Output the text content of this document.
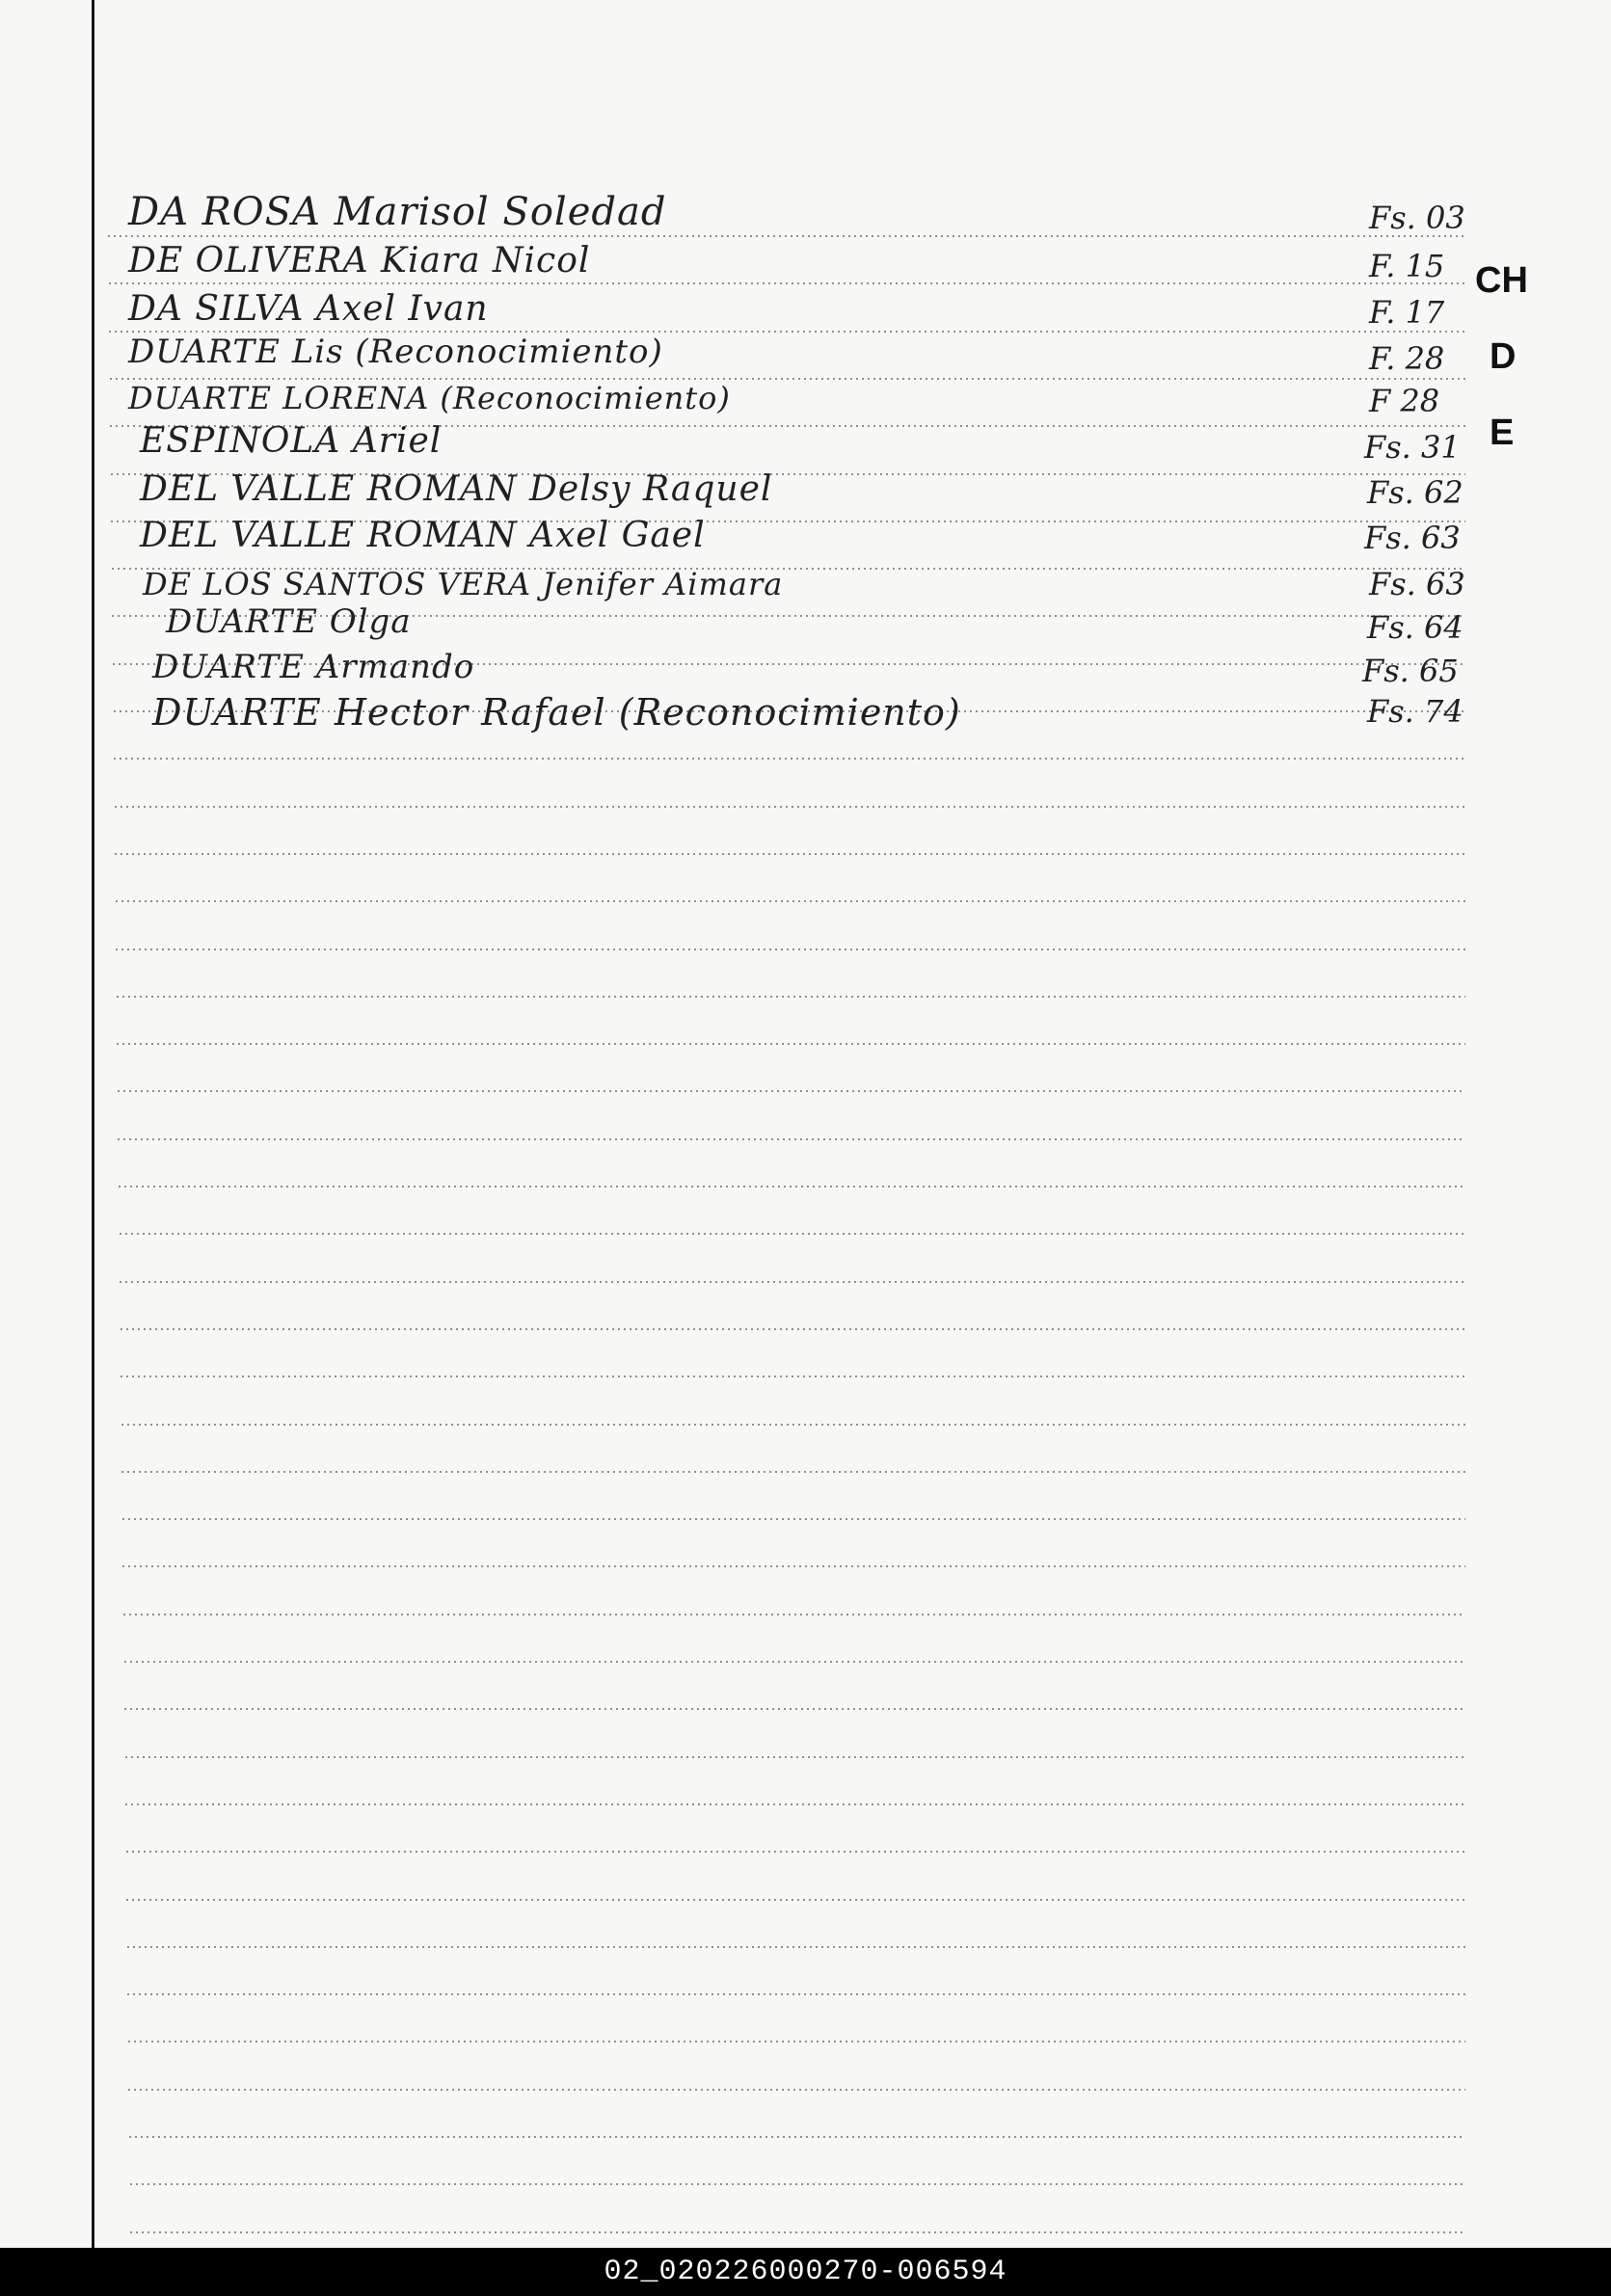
DA ROSA Marisol Soledad	Fs. 03
DE OLIVERA Kiara Nicol	F. 15
DA SILVA Axel Ivan	F. 17
DUARTE Lis (Reconocimiento)	F. 28
DUARTE LORENA (Reconocimiento)	F 28
ESPINOLA Ariel	Fs. 31
DEL VALLE ROMAN Delsy Raquel	Fs. 62
DEL VALLE ROMAN Axel Gael	Fs. 63
DE LOS SANTOS VERA Jenifer Aimara	Fs. 63
DUARTE Olga	Fs. 64
DUARTE Armando	Fs. 65
DUARTE Hector Rafael (Reconocimiento)	Fs. 74
CH
D
E
02_020226000270-006594
